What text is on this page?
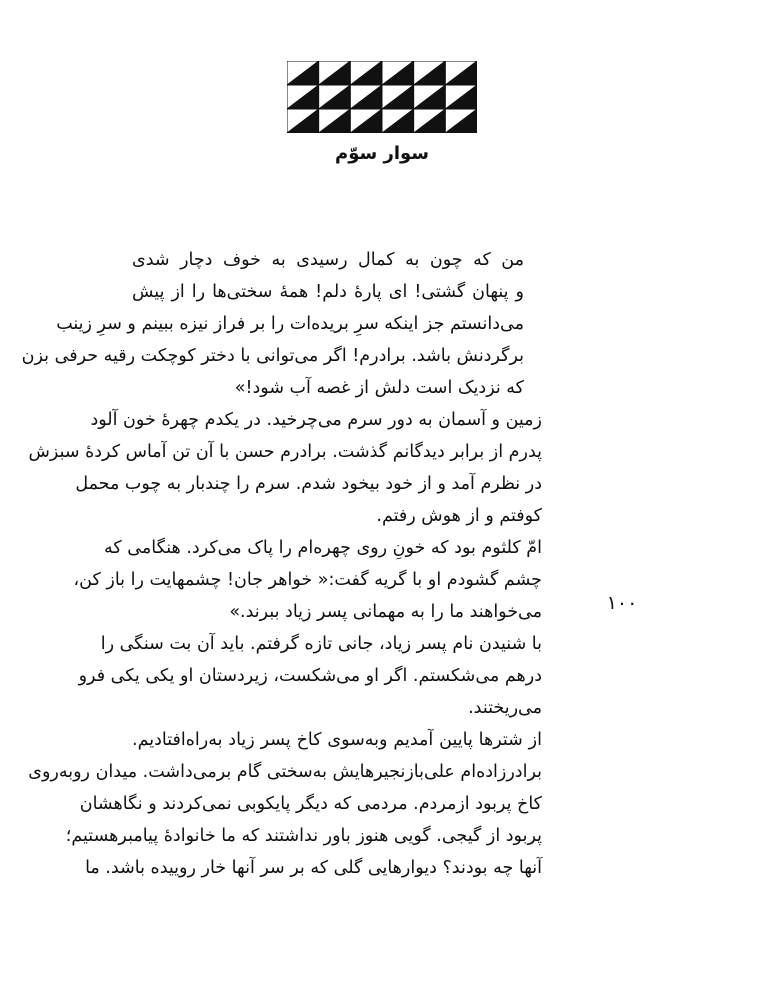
سوار سوّم

من که چون به کمال رسیدی به خوف دچار شدی
و پنهان گشتی! ای پارهٔ دلم! همهٔ سختی‌ها را از پیش
می‌دانستم جز اینکه سرِ بریده‌ات را بر فراز نیزه ببینم و سرِ زینب
برگردنش باشد. برادرم! اگر می‌توانی با دختر کوچکت رقیه حرفی بزن
که نزدیک است دلش از غصه آب شود!»

زمین و آسمان به دور سرم می‌چرخید. در یکدم چهرهٔ خون آلود
پدرم از برابر دیدگانم گذشت. برادرم حسن با آن تن آماس کردهٔ سبزش
در نظرم آمد و از خود بیخود شدم. سرم را چندبار به چوب محمل
کوفتم و از هوش رفتم.

امّ کلثوم بود که خونِ روی چهره‌ام را پاک می‌کرد. هنگامی که
چشم گشودم او با گریه گفت:« خواهر جان! چشمهایت را باز کن،
می‌خواهند ما را به مهمانی پسر زیاد ببرند.»

با شنیدن نام پسر زیاد، جانی تازه گرفتم. باید آن بت سنگی را
درهم می‌شکستم. اگر او می‌شکست، زیردستان او یکی یکی فرو
می‌ریختند.

از شترها پایین آمدیم وبه‌سوی کاخ پسر زیاد به‌راه‌افتادیم.
برادرزاده‌ام علی‌بازنجیرهایش به‌سختی گام برمی‌داشت. میدان روبه‌روی
کاخ پربود ازمردم. مردمی که دیگر پایکوبی نمی‌کردند و نگاهشان
پربود از گیجی. گویی هنوز باور نداشتند که ما خانوادهٔ پیامبرهستیم؛
آنها چه بودند؟ دیوارهایی گلی که بر سر آنها خار روییده باشد. ما

۱۰۰
